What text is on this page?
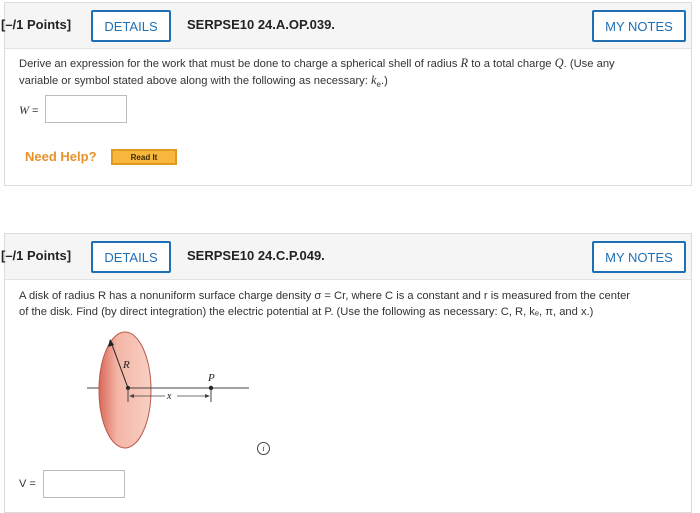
[–/1 Points]	DETAILS	SERPSE10 24.A.OP.039.	MY NOTES
Derive an expression for the work that must be done to charge a spherical shell of radius R to a total charge Q. (Use any
variable or symbol stated above along with the following as necessary: $k_e$.)
W =
Need Help?	Read It
[–/1 Points]	DETAILS	SERPSE10 24.C.P.049.	MY NOTES
A disk of radius R has a nonuniform surface charge density σ = Cr, where C is a constant and r is measured from the center
of the disk. Find (by direct integration) the electric potential at P. (Use the following as necessary: C, R, kₑ, π, and x.)
R
P
x
i
V =
